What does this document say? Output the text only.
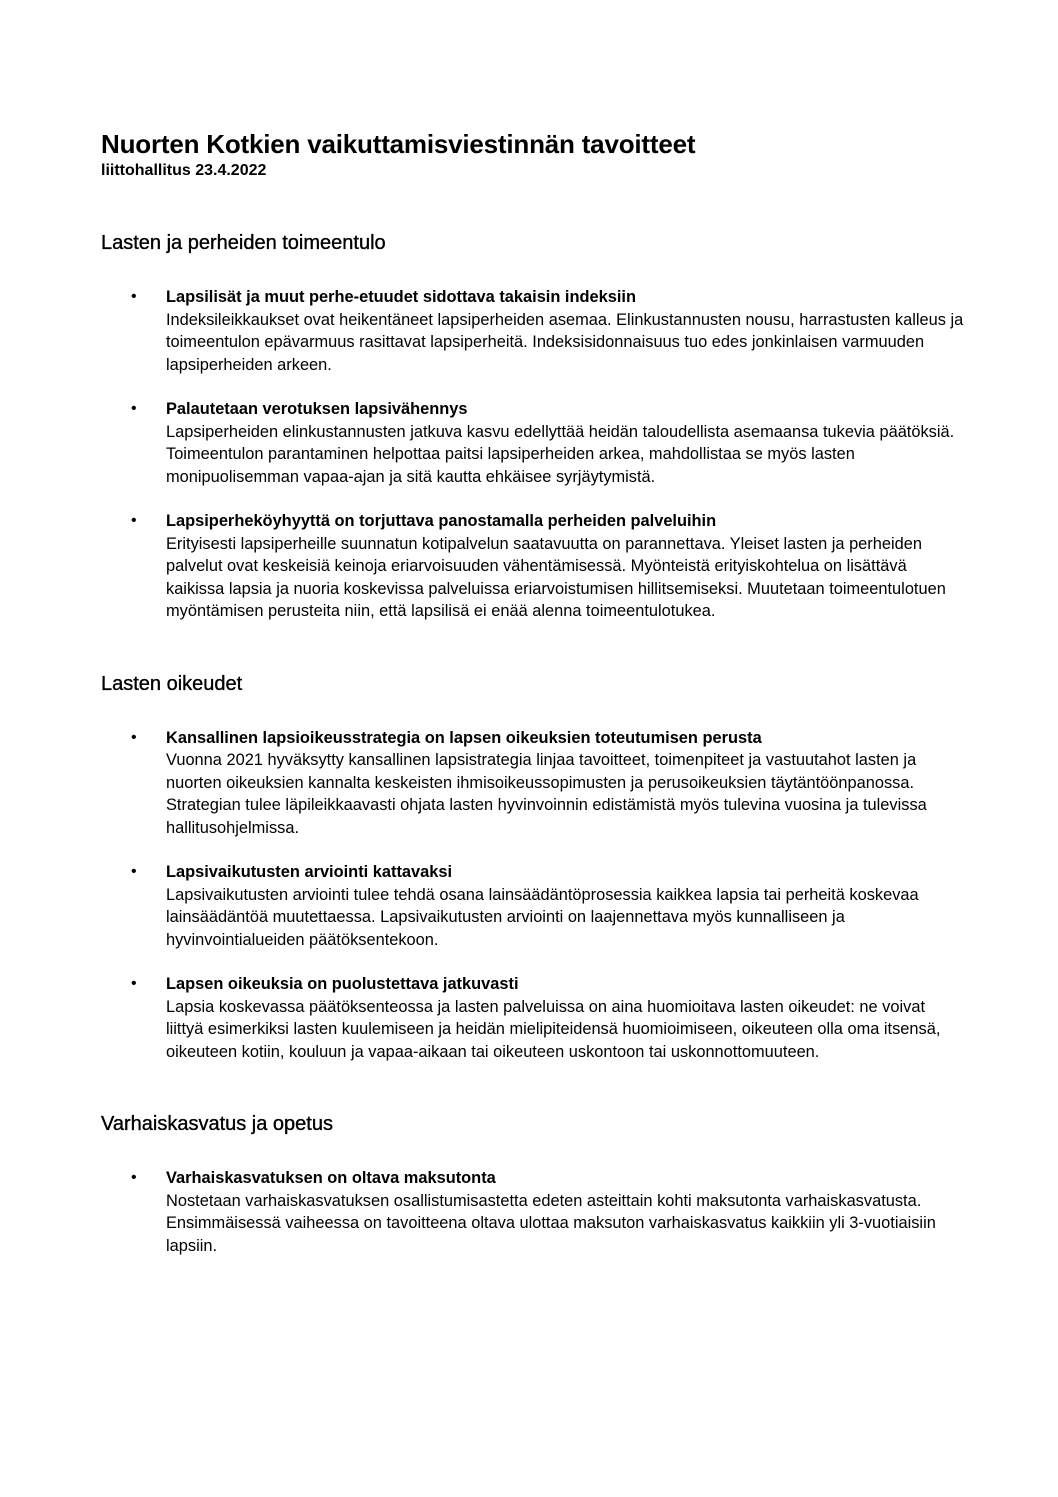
Nuorten Kotkien vaikuttamisviestinnän tavoitteet

liittohallitus 23.4.2022

Lasten ja perheiden toimeentulo
• Lapsilisät ja muut perhe-etuudet sidottava takaisin indeksiin

Indeksileikkaukset ovat heikentäneet lapsiperheiden asemaa. Elinkustannusten nousu, harrastusten kalleus ja toimeentulon epävarmuus rasittavat lapsiperheitä. Indeksisidonnaisuus tuo edes jonkinlaisen varmuuden lapsiperheiden arkeen.

• Palautetaan verotuksen lapsivähennys

Lapsiperheiden elinkustannusten jatkuva kasvu edellyttää heidän taloudellista asemaansa tukevia päätöksiä. Toimeentulon parantaminen helpottaa paitsi lapsiperheiden arkea, mahdollistaa se myös lasten monipuolisemman vapaa-ajan ja sitä kautta ehkäisee syrjäytymistä.

• Lapsiperheköyhyyttä on torjuttava panostamalla perheiden palveluihin

Erityisesti lapsiperheille suunnatun kotipalvelun saatavuutta on parannettava. Yleiset lasten ja perheiden palvelut ovat keskeisiä keinoja eriarvoisuuden vähentämisessä. Myönteistä erityiskohtelua on lisättävä kaikissa lapsia ja nuoria koskevissa palveluissa eriarvoistumisen hillitsemiseksi. Muutetaan toimeentulotuen myöntämisen perusteita niin, että lapsilisä ei enää alenna toimeentulotukea.

Lasten oikeudet
• Kansallinen lapsioikeusstrategia on lapsen oikeuksien toteutumisen perusta

Vuonna 2021 hyväksytty kansallinen lapsistrategia linjaa tavoitteet, toimenpiteet ja vastuutahot lasten ja nuorten oikeuksien kannalta keskeisten ihmisoikeussopimusten ja perusoikeuksien täytäntöönpanossa. Strategian tulee läpileikkaavasti ohjata lasten hyvinvoinnin edistämistä myös tulevina vuosina ja tulevissa hallitusohjelmissa.

• Lapsivaikutusten arviointi kattavaksi

Lapsivaikutusten arviointi tulee tehdä osana lainsäädäntöprosessia kaikkea lapsia tai perheitä koskevaa lainsäädäntöä muutettaessa. Lapsivaikutusten arviointi on laajennettava myös kunnalliseen ja hyvinvointialueiden päätöksentekoon.

• Lapsen oikeuksia on puolustettava jatkuvasti

Lapsia koskevassa päätöksenteossa ja lasten palveluissa on aina huomioitava lasten oikeudet: ne voivat liittyä esimerkiksi lasten kuulemiseen ja heidän mielipiteidensä huomioimiseen, oikeuteen olla oma itsensä, oikeuteen kotiin, kouluun ja vapaa-aikaan tai oikeuteen uskontoon tai uskonnottomuuteen.

Varhaiskasvatus ja opetus
• Varhaiskasvatuksen on oltava maksutonta

Nostetaan varhaiskasvatuksen osallistumisastetta edeten asteittain kohti maksutonta varhaiskasvatusta. Ensimmäisessä vaiheessa on tavoitteena oltava ulottaa maksuton varhaiskasvatus kaikkiin yli 3-vuotiaisiin lapsiin.
